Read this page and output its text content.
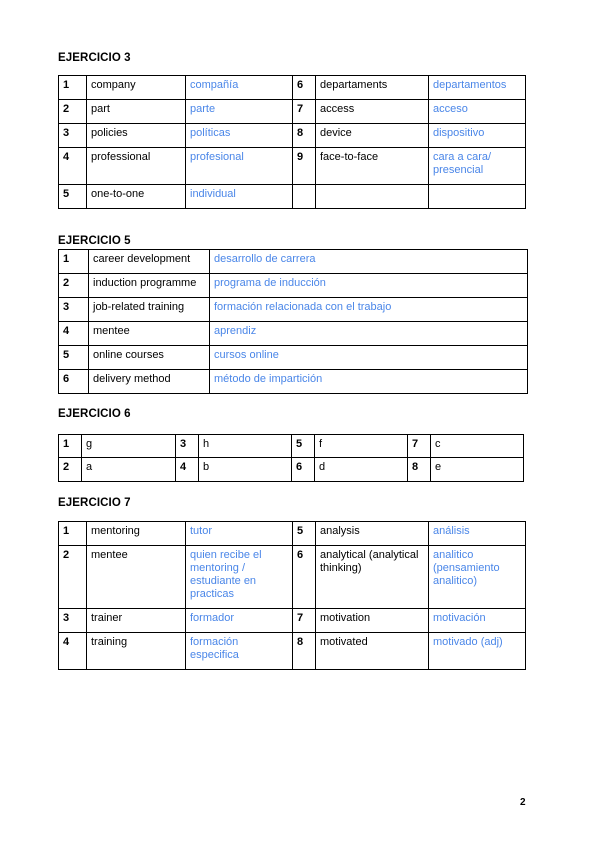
EJERCICIO 3
1	company	compañía	6	departaments	departamentos
2	part	parte	7	access	acceso
3	policies	políticas	8	device	dispositivo
4	professional	profesional	9	face-to-face	cara a cara/ presencial
5	one-to-one	individual			
EJERCICIO 5
1	career development	desarrollo de carrera
2	induction programme	programa de inducción
3	job-related training	formación relacionada con el trabajo
4	mentee	aprendiz
5	online courses	cursos online
6	delivery method	método de impartición
EJERCICIO 6
1	g	3	h	5	f	7	c
2	a	4	b	6	d	8	e
EJERCICIO 7
1	mentoring	tutor	5	analysis	análisis
2	mentee	quien recibe el mentoring / estudiante en practicas	6	analytical (analytical thinking)	analitico (pensamiento analitico)
3	trainer	formador	7	motivation	motivación
4	training	formación especifica	8	motivated	motivado (adj)
2
